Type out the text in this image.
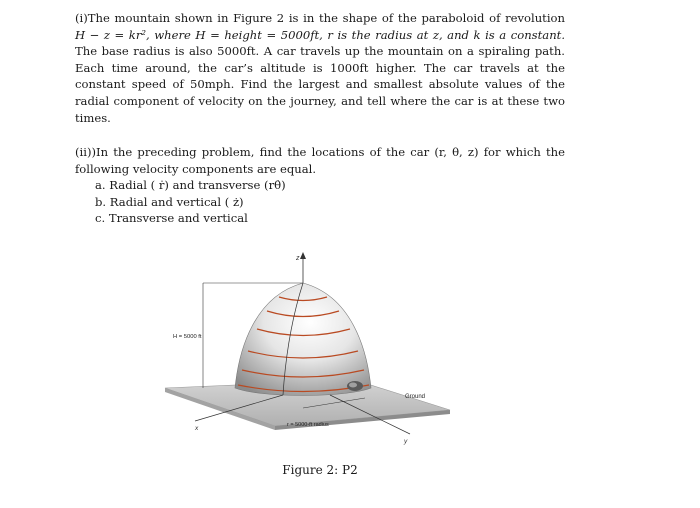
(i)The mountain shown in Figure 2 is in the shape of the paraboloid of revolution H − z = kr², where H = height = 5000ft, r is the radius at z, and k is a constant. The base radius is also 5000ft. A car travels up the mountain on a spiraling path. Each time around, the car’s altitude is 1000ft higher. The car travels at the constant speed of 50mph. Find the largest and smallest absolute values of the radial component of velocity on the journey, and tell where the car is at these two times.

(ii))In the preceding problem, find the locations of the car (r, θ, z) for which the following velocity components are equal.
a. Radial ( ṙ) and transverse (rθ̇)
b. Radial and vertical ( ż)
c. Transverse and vertical

z
H = 5000 ft
x
y
r = 5000-ft radius
Ground
Figure 2: P2
